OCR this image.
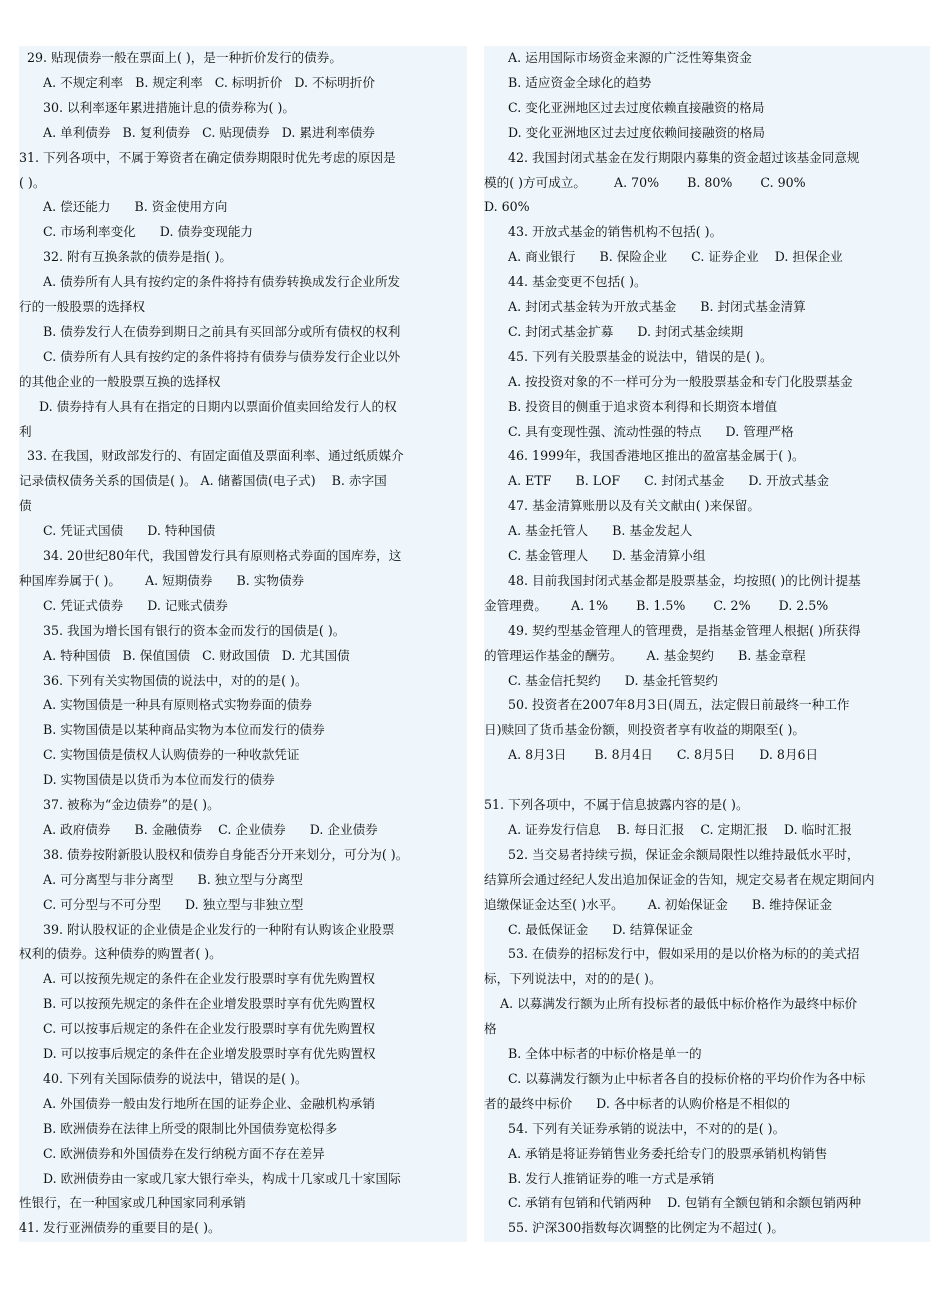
29. 贴现债券一般在票面上( )，是一种折价发行的债券。
A. 不规定利率   B. 规定利率   C. 标明折价   D. 不标明折价
30. 以利率逐年累进措施计息的债券称为( )。
A. 单利债券   B. 复利债券   C. 贴现债券   D. 累进利率债券
31. 下列各项中，不属于筹资者在确定债券期限时优先考虑的原因是
( )。
A. 偿还能力      B. 资金使用方向
C. 市场利率变化      D. 债券变现能力
32. 附有互换条款的债券是指( )。
A. 债券所有人具有按约定的条件将持有债券转换成发行企业所发
行的一般股票的选择权
B. 债券发行人在债券到期日之前具有买回部分或所有债权的权利
C. 债券所有人具有按约定的条件将持有债券与债券发行企业以外
的其他企业的一般股票互换的选择权
D. 债券持有人具有在指定的日期内以票面价值卖回给发行人的权
利
33. 在我国，财政部发行的、有固定面值及票面利率、通过纸质媒介
记录债权债务关系的国债是( )。 A. 储蓄国债(电子式)    B. 赤字国
债
C. 凭证式国债      D. 特种国债
34. 20世纪80年代，我国曾发行具有原则格式券面的国库券，这
种国库券属于( )。      A. 短期债券      B. 实物债券
C. 凭证式债券      D. 记账式债券
35. 我国为增长国有银行的资本金而发行的国债是( )。
A. 特种国债   B. 保值国债   C. 财政国债   D. 尤其国债
36. 下列有关实物国债的说法中，对的的是( )。
A. 实物国债是一种具有原则格式实物券面的债券
B. 实物国债是以某种商品实物为本位而发行的债券
C. 实物国债是债权人认购债券的一种收款凭证
D. 实物国债是以货币为本位而发行的债券
37. 被称为“金边债券”的是( )。
A. 政府债券      B. 金融债券    C. 企业债券      D. 企业债券
38. 债券按附新股认股权和债券自身能否分开来划分，可分为( )。
A. 可分离型与非分离型      B. 独立型与分离型
C. 可分型与不可分型      D. 独立型与非独立型
39. 附认股权证的企业债是企业发行的一种附有认购该企业股票
权利的债券。这种债券的购置者( )。
A. 可以按预先规定的条件在企业发行股票时享有优先购置权
B. 可以按预先规定的条件在企业增发股票时享有优先购置权
C. 可以按事后规定的条件在企业发行股票时享有优先购置权
D. 可以按事后规定的条件在企业增发股票时享有优先购置权
40. 下列有关国际债券的说法中，错误的是( )。
A. 外国债券一般由发行地所在国的证券企业、金融机构承销
B. 欧洲债券在法律上所受的限制比外国债券宽松得多
C. 欧洲债券和外国债券在发行纳税方面不存在差异
D. 欧洲债券由一家或几家大银行牵头，构成十几家或几十家国际
性银行，在一种国家或几种国家同利承销
41. 发行亚洲债券的重要目的是( )。
A. 运用国际市场资金来源的广泛性筹集资金
B. 适应资金全球化的趋势
C. 变化亚洲地区过去过度依赖直接融资的格局
D. 变化亚洲地区过去过度依赖间接融资的格局
42. 我国封闭式基金在发行期限内募集的资金超过该基金同意规
模的( )方可成立。       A. 70%       B. 80%       C. 90%
D. 60%
43. 开放式基金的销售机构不包括( )。
A. 商业银行      B. 保险企业      C. 证券企业    D. 担保企业
44. 基金变更不包括( )。
A. 封闭式基金转为开放式基金      B. 封闭式基金清算
C. 封闭式基金扩募      D. 封闭式基金续期
45. 下列有关股票基金的说法中，错误的是( )。
A. 按投资对象的不一样可分为一般股票基金和专门化股票基金
B. 投资目的侧重于追求资本利得和长期资本增值
C. 具有变现性强、流动性强的特点      D. 管理严格
46. 1999年，我国香港地区推出的盈富基金属于( )。
A. ETF      B. LOF      C. 封闭式基金      D. 开放式基金
47. 基金清算账册以及有关文献由( )来保留。
A. 基金托管人      B. 基金发起人
C. 基金管理人      D. 基金清算小组
48. 目前我国封闭式基金都是股票基金，均按照( )的比例计提基
金管理费。      A. 1%       B. 1.5%       C. 2%       D. 2.5%
49. 契约型基金管理人的管理费，是指基金管理人根据( )所获得
的管理运作基金的酬劳。      A. 基金契约      B. 基金章程
C. 基金信托契约      D. 基金托管契约
50. 投资者在2007年8月3日(周五，法定假日前最终一种工作
日)赎回了货币基金份额，则投资者享有收益的期限至( )。
A. 8月3日       B. 8月4日      C. 8月5日      D. 8月6日
51. 下列各项中，不属于信息披露内容的是( )。
A. 证券发行信息    B. 每日汇报    C. 定期汇报    D. 临时汇报
52. 当交易者持续亏损，保证金余额局限性以维持最低水平时，
结算所会通过经纪人发出追加保证金的告知，规定交易者在规定期间内
追缴保证金达至( )水平。      A. 初始保证金      B. 维持保证金
C. 最低保证金      D. 结算保证金
53. 在债券的招标发行中，假如采用的是以价格为标的的美式招
标，下列说法中，对的的是( )。
A. 以募满发行额为止所有投标者的最低中标价格作为最终中标价
格
B. 全体中标者的中标价格是单一的
C. 以募满发行额为止中标者各自的投标价格的平均价作为各中标
者的最终中标价      D. 各中标者的认购价格是不相似的
54. 下列有关证券承销的说法中，不对的的是( )。
A. 承销是将证券销售业务委托给专门的股票承销机构销售
B. 发行人推销证券的唯一方式是承销
C. 承销有包销和代销两种    D. 包销有全额包销和余额包销两种
55. 沪深300指数每次调整的比例定为不超过( )。
